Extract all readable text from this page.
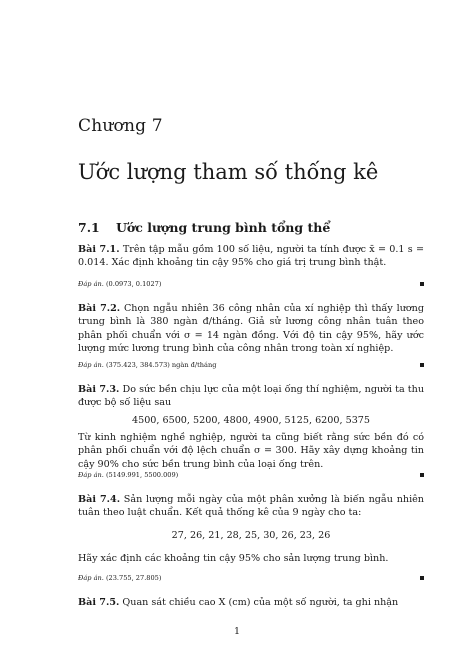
Chương 7
Ước lượng tham số thống kê
7.1 Ước lượng trung bình tổng thể
Bài 7.1. Trên tập mẫu gồm 100 số liệu, người ta tính được x̄ = 0.1 s = 0.014. Xác định khoảng tin cậy 95% cho giá trị trung bình thật.
Đáp án. (0.0973, 0.1027)
Bài 7.2. Chọn ngẫu nhiên 36 công nhân của xí nghiệp thì thấy lương trung bình là 380 ngàn đ/tháng. Giả sử lương công nhân tuân theo phân phối chuẩn với σ = 14 ngàn đồng. Với độ tin cậy 95%, hãy ước lượng mức lương trung bình của công nhân trong toàn xí nghiệp.
Đáp án. (375.423, 384.573) ngàn đ/tháng
Bài 7.3. Do sức bền chịu lực của một loại ống thí nghiệm, người ta thu được bộ số liệu sau
4500, 6500, 5200, 4800, 4900, 5125, 6200, 5375
Từ kinh nghiệm nghề nghiệp, người ta cũng biết rằng sức bền đó có phân phối chuẩn với độ lệch chuẩn σ = 300. Hãy xây dựng khoảng tin cậy 90% cho sức bền trung bình của loại ống trên.
Đáp án. (5149.991, 5500.009)
Bài 7.4. Sản lượng mỗi ngày của một phân xưởng là biến ngẫu nhiên tuân theo luật chuẩn. Kết quả thống kê của 9 ngày cho ta:
27, 26, 21, 28, 25, 30, 26, 23, 26
Hãy xác định các khoảng tin cậy 95% cho sản lượng trung bình.
Đáp án. (23.755, 27.805)
Bài 7.5. Quan sát chiều cao X (cm) của một số người, ta ghi nhận
1
